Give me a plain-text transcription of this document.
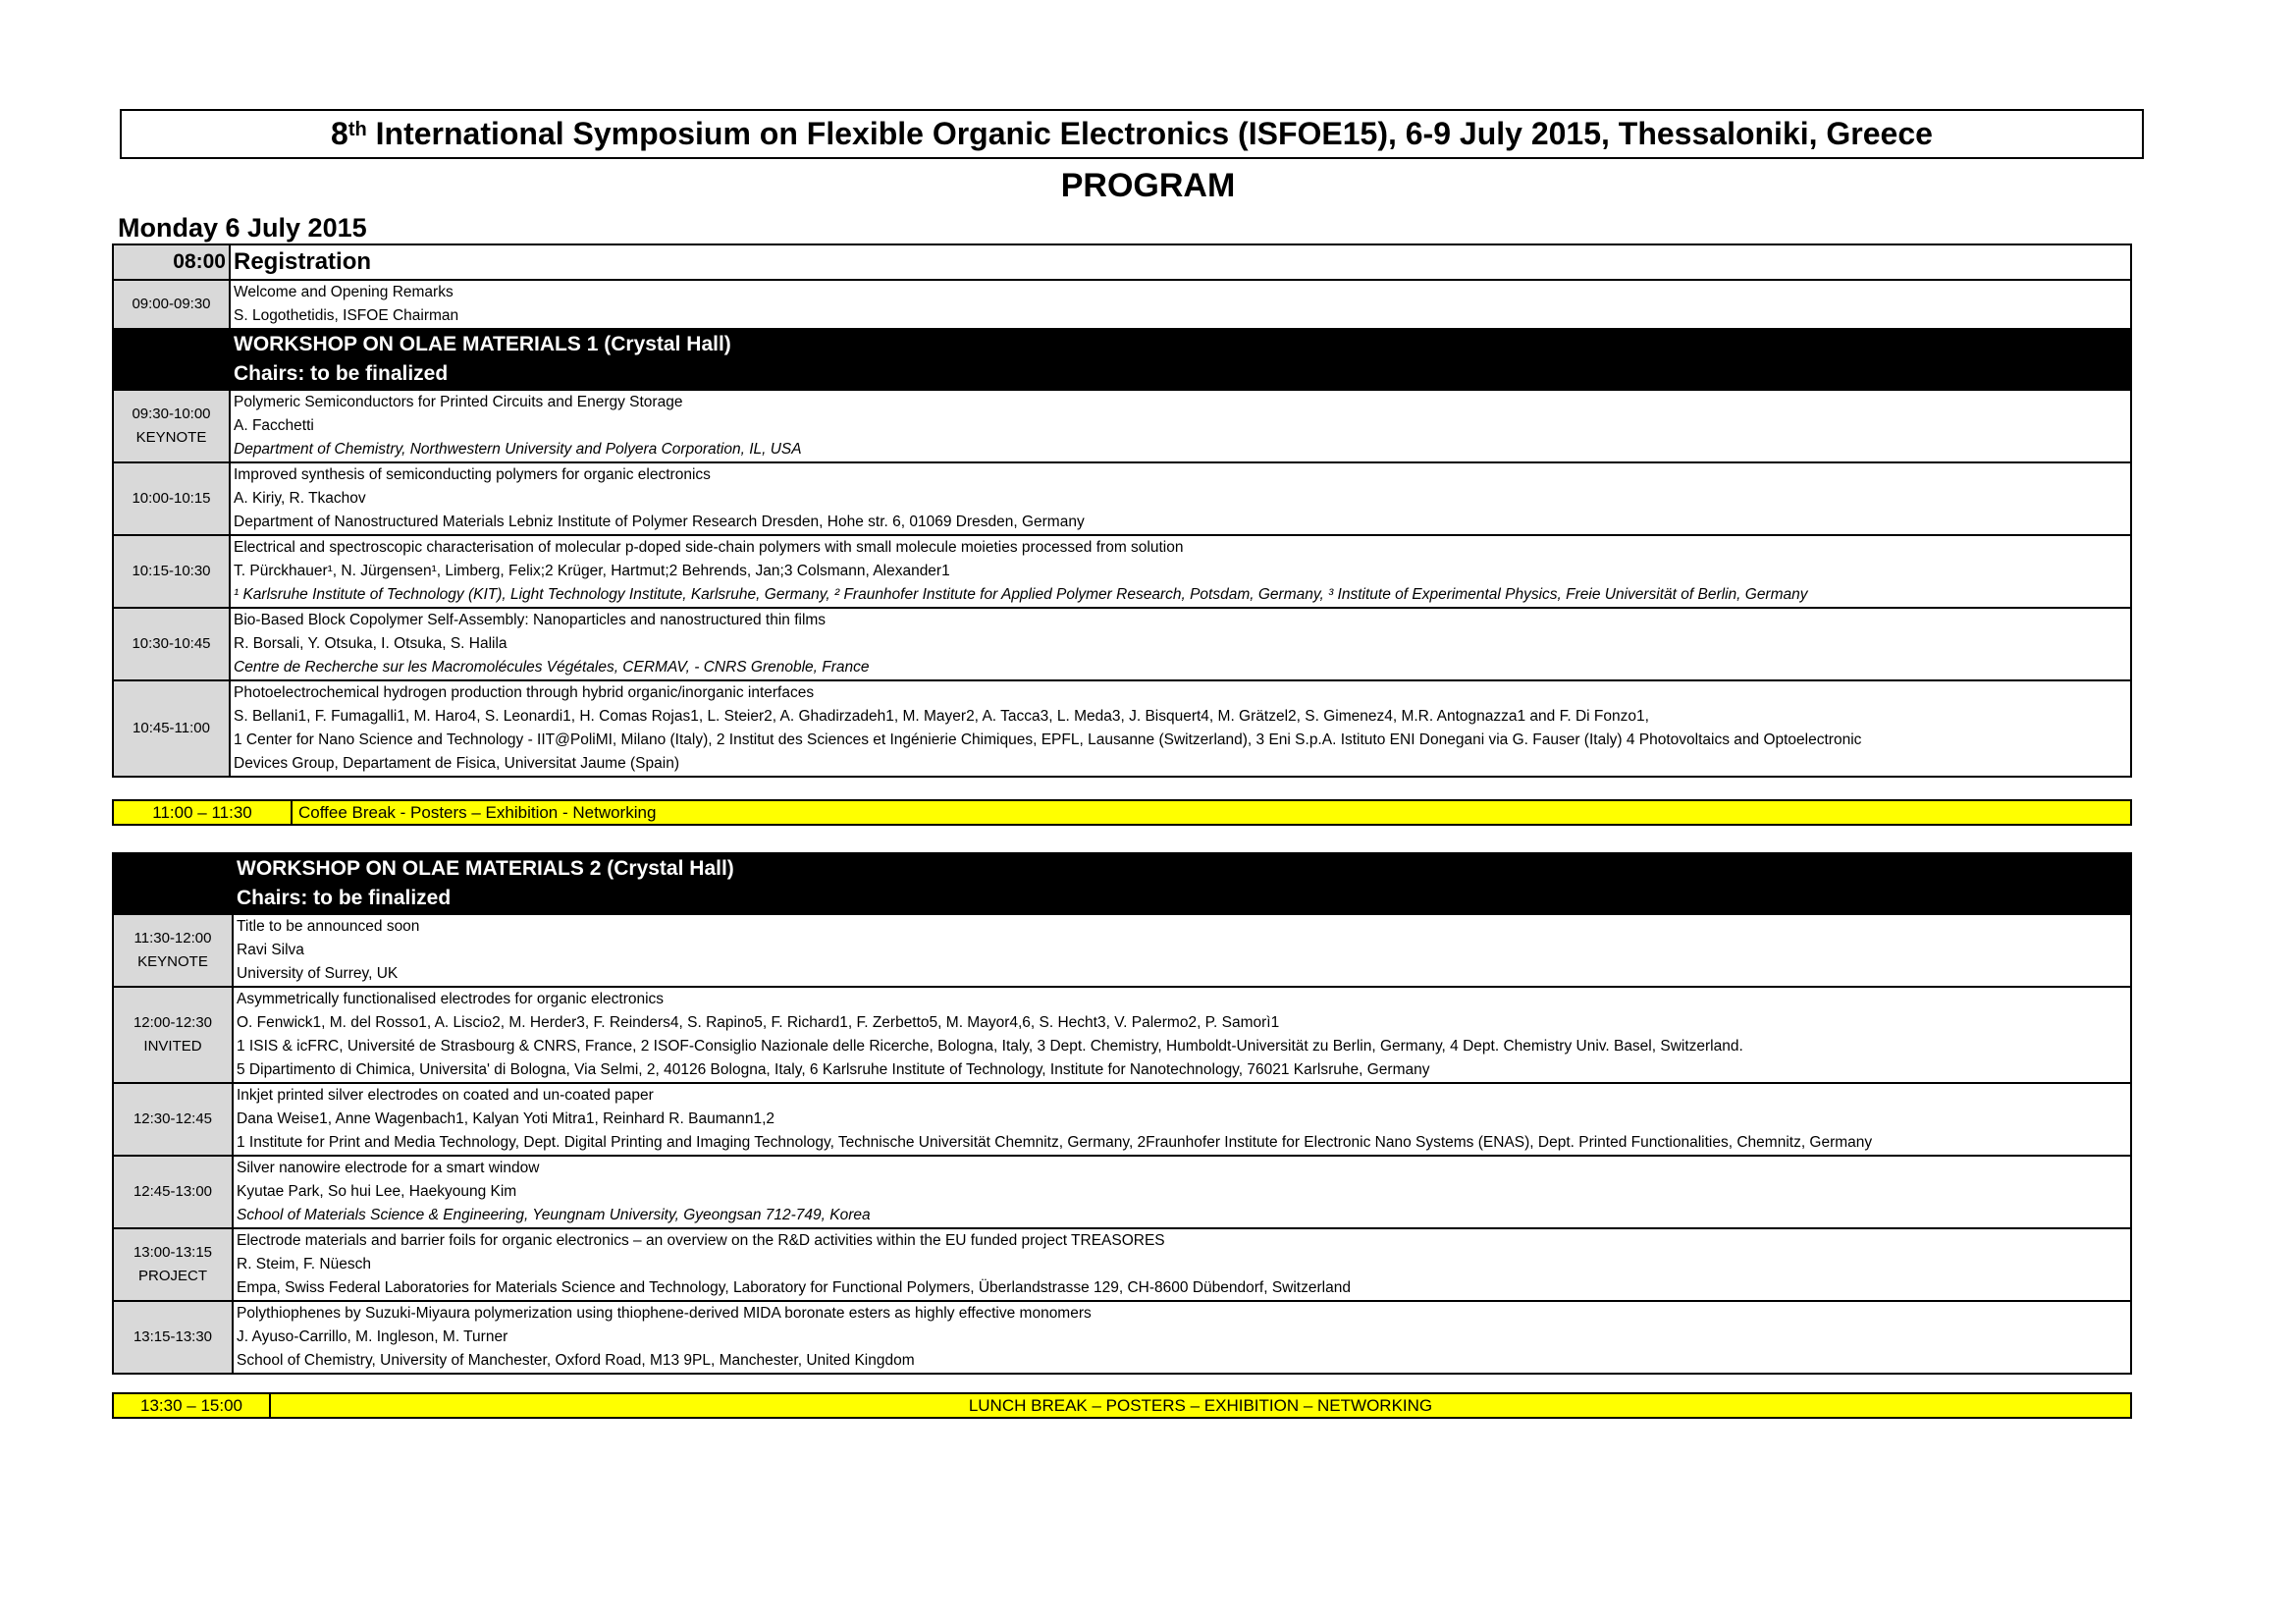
8th
International Symposium on Flexible Organic Electronics (ISFOE15), 6-9 July 2015, Thessaloniki, Greece
PROGRAM
Monday 6 July 2015
08:00	Registration
09:00-09:30	Welcome and Opening Remarks
S. Logothetidis, ISFOE Chairman

	WORKSHOP ON OLAE MATERIALS 1 (Crystal Hall)
Chairs: to be finalized

09:30-10:00
KEYNOTE	Polymeric Semiconductors for Printed Circuits and Energy Storage
A. Facchetti
Department of Chemistry, Northwestern University and Polyera Corporation, IL, USA

10:00-10:15	Improved synthesis of semiconducting polymers for organic electronics
A. Kiriy, R. Tkachov
Department of Nanostructured Materials Lebniz Institute of Polymer Research Dresden, Hohe str. 6, 01069 Dresden, Germany

10:15-10:30	Electrical and spectroscopic characterisation of molecular p-doped side-chain polymers with small molecule moieties processed from solution
T. Pürckhauer¹, N. Jürgensen¹, Limberg, Felix;2 Krüger, Hartmut;2 Behrends, Jan;3 Colsmann, Alexander1
¹ Karlsruhe Institute of Technology (KIT), Light Technology Institute, Karlsruhe, Germany, ² Fraunhofer Institute for Applied Polymer Research, Potsdam, Germany, ³ Institute of Experimental Physics, Freie Universität of Berlin, Germany

10:30-10:45	Bio-Based Block Copolymer Self-Assembly: Nanoparticles and nanostructured thin films
R. Borsali, Y. Otsuka, I. Otsuka, S. Halila
Centre de Recherche sur les Macromolécules Végétales, CERMAV, - CNRS Grenoble, France

10:45-11:00	Photoelectrochemical hydrogen production through hybrid organic/inorganic interfaces
S. Bellani1, F. Fumagalli1, M. Haro4, S. Leonardi1, H. Comas Rojas1, L. Steier2, A. Ghadirzadeh1, M. Mayer2, A. Tacca3, L. Meda3, J. Bisquert4, M. Grätzel2, S. Gimenez4, M.R. Antognazza1 and F. Di Fonzo1,
1 Center for Nano Science and Technology - IIT@PoliMI, Milano (Italy), 2 Institut des Sciences et Ingénierie Chimiques, EPFL, Lausanne (Switzerland), 3 Eni S.p.A. Istituto ENI Donegani via G. Fauser (Italy) 4 Photovoltaics and Optoelectronic
Devices Group, Departament de Fisica, Universitat Jaume (Spain)
11:00 – 11:30	Coffee Break - Posters – Exhibition - Networking

	WORKSHOP ON OLAE MATERIALS 2 (Crystal Hall)
Chairs: to be finalized

11:30-12:00
KEYNOTE	Title to be announced soon
Ravi Silva
University of Surrey, UK

12:00-12:30
INVITED	Asymmetrically functionalised electrodes for organic electronics
O. Fenwick1, M. del Rosso1, A. Liscio2, M. Herder3, F. Reinders4, S. Rapino5, F. Richard1, F. Zerbetto5, M. Mayor4,6, S. Hecht3, V. Palermo2, P. Samorì1
1 ISIS & icFRC, Université de Strasbourg & CNRS, France, 2 ISOF-Consiglio Nazionale delle Ricerche, Bologna, Italy, 3 Dept. Chemistry, Humboldt-Universität zu Berlin, Germany, 4 Dept. Chemistry Univ. Basel, Switzerland.
5 Dipartimento di Chimica, Universita' di Bologna, Via Selmi, 2, 40126 Bologna, Italy, 6 Karlsruhe Institute of Technology, Institute for Nanotechnology, 76021 Karlsruhe, Germany

12:30-12:45	Inkjet printed silver electrodes on coated and un-coated paper
Dana Weise1, Anne Wagenbach1, Kalyan Yoti Mitra1, Reinhard R. Baumann1,2
1 Institute for Print and Media Technology, Dept. Digital Printing and Imaging Technology, Technische Universität Chemnitz, Germany, 2Fraunhofer Institute for Electronic Nano Systems (ENAS), Dept. Printed Functionalities, Chemnitz, Germany

12:45-13:00	Silver nanowire electrode for a smart window
Kyutae Park, So hui Lee, Haekyoung Kim
School of Materials Science & Engineering, Yeungnam University, Gyeongsan 712-749, Korea

13:00-13:15
PROJECT	Electrode materials and barrier foils for organic electronics – an overview on the R&D activities within the EU funded project TREASORES
R. Steim, F. Nüesch
Empa, Swiss Federal Laboratories for Materials Science and Technology, Laboratory for Functional Polymers, Überlandstrasse 129, CH-8600 Dübendorf, Switzerland

13:15-13:30	Polythiophenes by Suzuki-Miyaura polymerization using thiophene-derived MIDA boronate esters as highly effective monomers
J. Ayuso-Carrillo, M. Ingleson, M. Turner
School of Chemistry, University of Manchester, Oxford Road, M13 9PL, Manchester, United Kingdom
13:30 – 15:00	LUNCH BREAK – POSTERS – EXHIBITION – NETWORKING
